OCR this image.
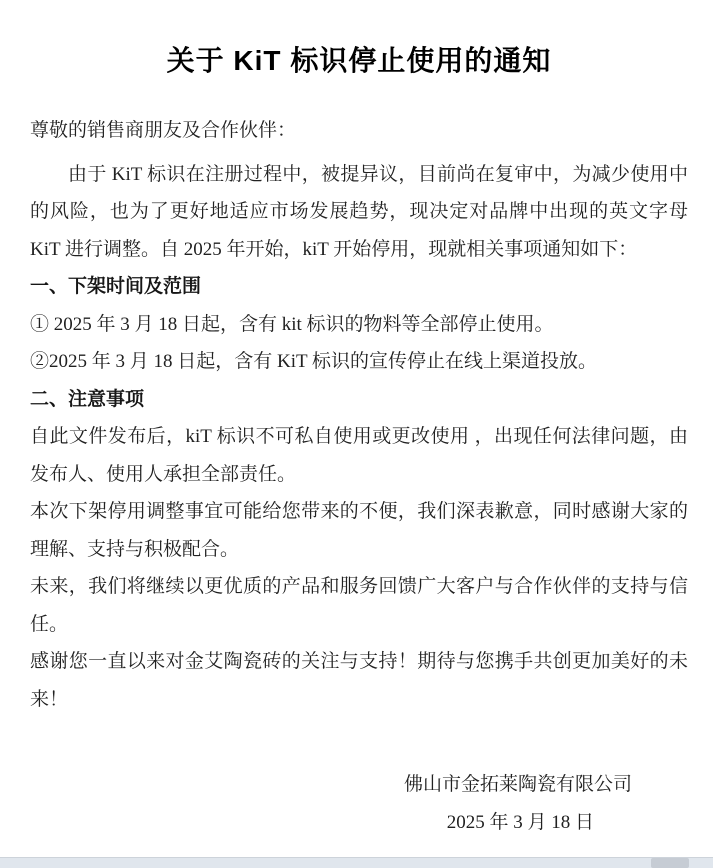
关于 KiT 标识停止使用的通知
尊敬的销售商朋友及合作伙伴：
由于 KiT 标识在注册过程中，被提异议，目前尚在复审中，为减少使用中的风险，也为了更好地适应市场发展趋势，现决定对品牌中出现的英文字母 KiT 进行调整。自 2025 年开始，kiT 开始停用，现就相关事项通知如下：
一、下架时间及范围
① 2025 年 3 月 18 日起，含有 kit 标识的物料等全部停止使用。
②2025 年 3 月 18 日起，含有 KiT 标识的宣传停止在线上渠道投放。
二、注意事项
自此文件发布后，kiT 标识不可私自使用或更改使用 ，出现任何法律问题，由发布人、使用人承担全部责任。
本次下架停用调整事宜可能给您带来的不便，我们深表歉意，同时感谢大家的理解、支持与积极配合。
未来，我们将继续以更优质的产品和服务回馈广大客户与合作伙伴的支持与信任。
感谢您一直以来对金艾陶瓷砖的关注与支持！期待与您携手共创更加美好的未来！
佛山市金拓莱陶瓷有限公司
2025 年 3 月 18 日
